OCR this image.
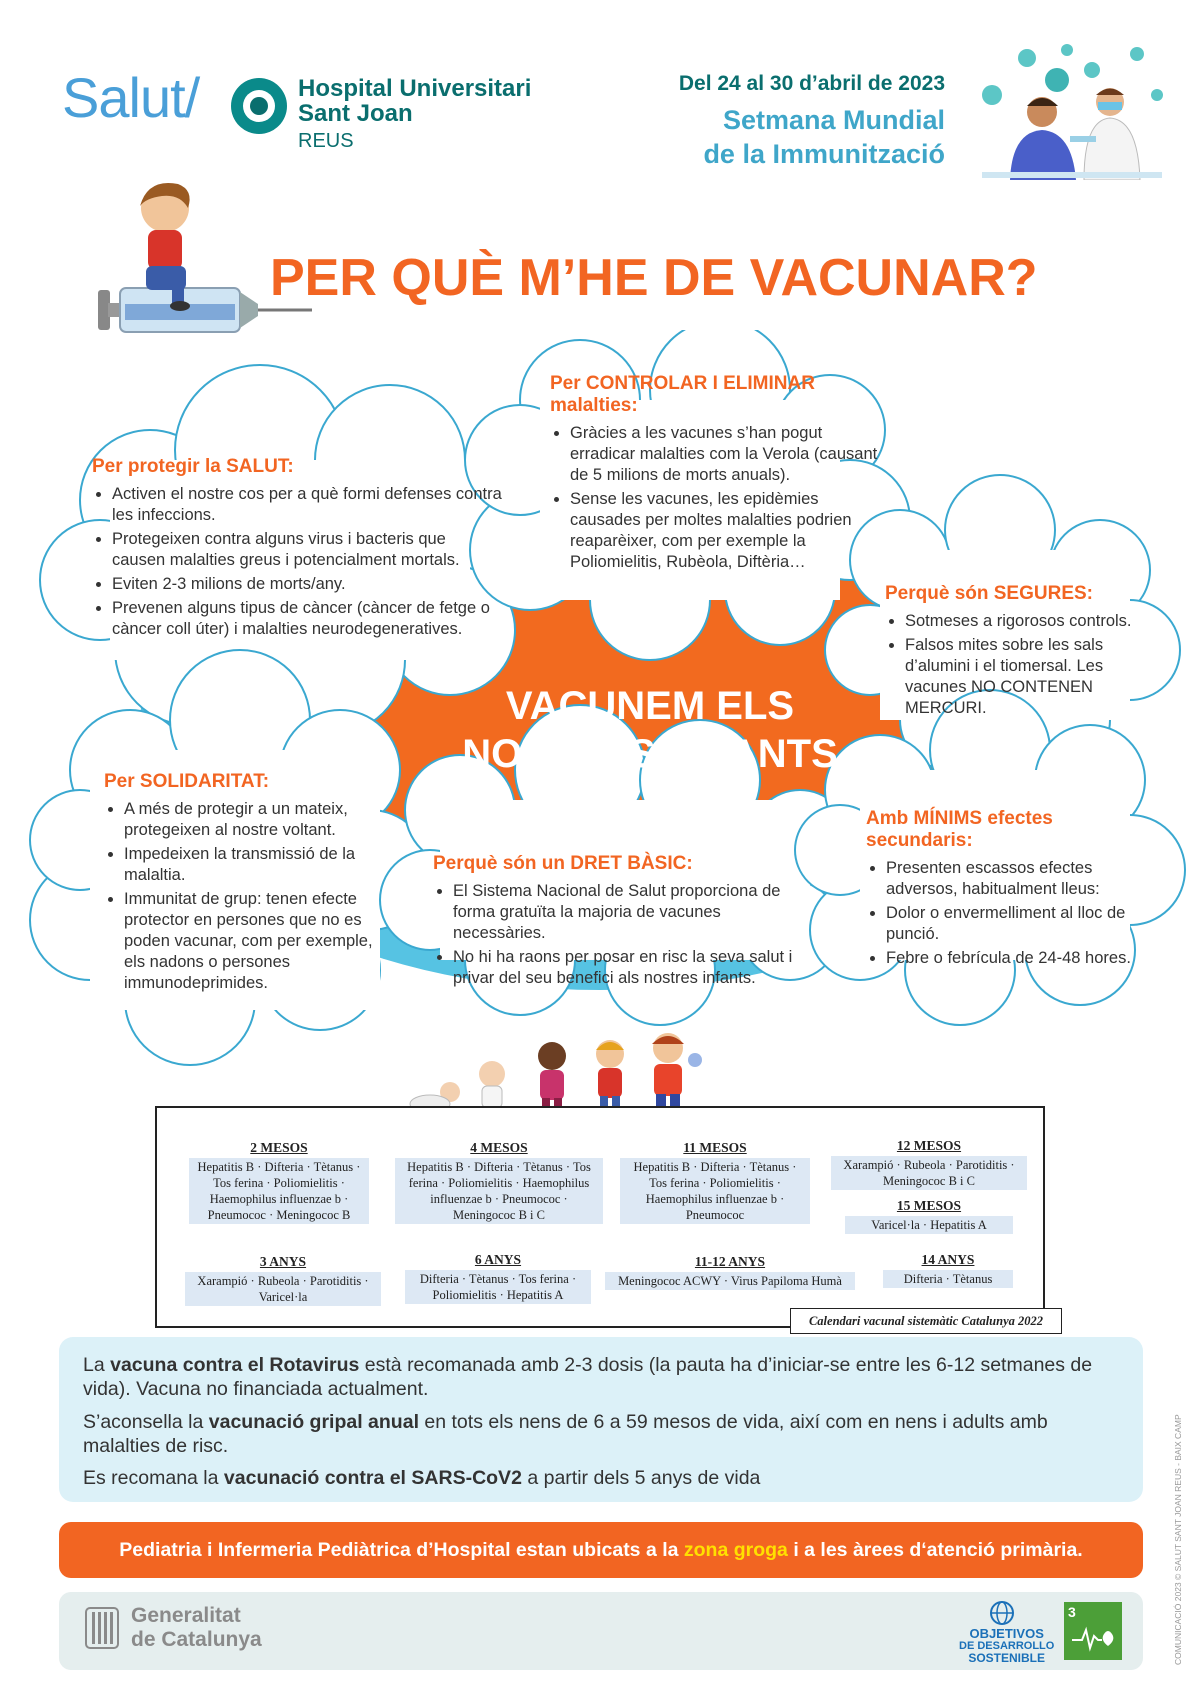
Salut/	Hospital Universitari
Sant Joan
REUS
Del 24 al 30 d’abril de 2023
Setmana Mundial
de la Immunització
PER QUÈ M’HE DE VACUNAR?
VACUNEM ELS
NOSTRES INFANTS
Per protegir la SALUT:
• Activen el nostre cos per a què formi defenses contra les infeccions.
• Protegeixen contra alguns virus i bacteris que causen malalties greus i potencialment mortals.
• Eviten 2-3 milions de morts/any.
• Prevenen alguns tipus de càncer (càncer de fetge o càncer coll úter) i malalties neurodegeneratives.
Per CONTROLAR I ELIMINAR malalties:
• Gràcies a les vacunes s’han pogut erradicar malalties com la Verola (causant de 5 milions de morts anuals).
• Sense les vacunes, les epidèmies causades per moltes malalties podrien reaparèixer, com per exemple la Poliomielitis, Rubèola, Diftèria…
Perquè són SEGURES:
• Sotmeses a rigorosos controls.
• Falsos mites sobre les sals d’alumini i el tiomersal. Les vacunes NO CONTENEN MERCURI.
Per SOLIDARITAT:
• A més de protegir a un mateix, protegeixen al nostre voltant.
• Impedeixen la transmissió de la malaltia.
• Immunitat de grup: tenen efecte protector en persones que no es poden vacunar, com per exemple, els nadons o persones immunodeprimides.
Perquè són un DRET BÀSIC:
• El Sistema Nacional de Salut proporciona de forma gratuïta la majoria de vacunes necessàries.
• No hi ha raons per posar en risc la seva salut i privar del seu benefici als nostres infants.
Amb MÍNIMS efectes secundaris:
• Presenten escassos efectes adversos, habitualment lleus:
• Dolor o envermelliment al lloc de punció.
• Febre o febrícula de 24-48 hores.
2 MESOS
Hepatitis B · Difteria · Tètanus · Tos ferina · Poliomielitis · Haemophilus influenzae b · Pneumococ · Meningococ B
4 MESOS
Hepatitis B · Difteria · Tètanus · Tos ferina · Poliomielitis · Haemophilus influenzae b · Pneumococ · Meningococ B i C
11 MESOS
Hepatitis B · Difteria · Tètanus · Tos ferina · Poliomielitis · Haemophilus influenzae b · Pneumococ
12 MESOS
Xarampió · Rubeola · Parotiditis · Meningococ B i C
15 MESOS
Varicel·la · Hepatitis A
3 ANYS
Xarampió · Rubeola · Parotiditis · Varicel·la
6 ANYS
Difteria · Tètanus · Tos ferina · Poliomielitis · Hepatitis A
11-12 ANYS
Meningococ ACWY · Virus Papiloma Humà
14 ANYS
Difteria · Tètanus
Calendari vacunal sistemàtic Catalunya 2022

La vacuna contra el Rotavirus està recomanada amb 2-3 dosis (la pauta ha d’iniciar-se entre les 6-12 setmanes de vida). Vacuna no financiada actualment.

S’aconsella la vacunació gripal anual en tots els nens de 6 a 59 mesos de vida, així com en nens i adults amb malalties de risc.

Es recomana la vacunació contra el SARS-CoV2 a partir dels 5 anys de vida

Pediatria i Infermeria Pediàtrica d’Hospital estan ubicats a la zona groga i a les àrees d‘atenció primària.
Generalitat
de Catalunya	OBJETIVOS
DE DESARROLLO
SOSTENIBLE
3	COMUNICACIÓ 2023 © SALUT SANT JOAN REUS - BAIX CAMP
